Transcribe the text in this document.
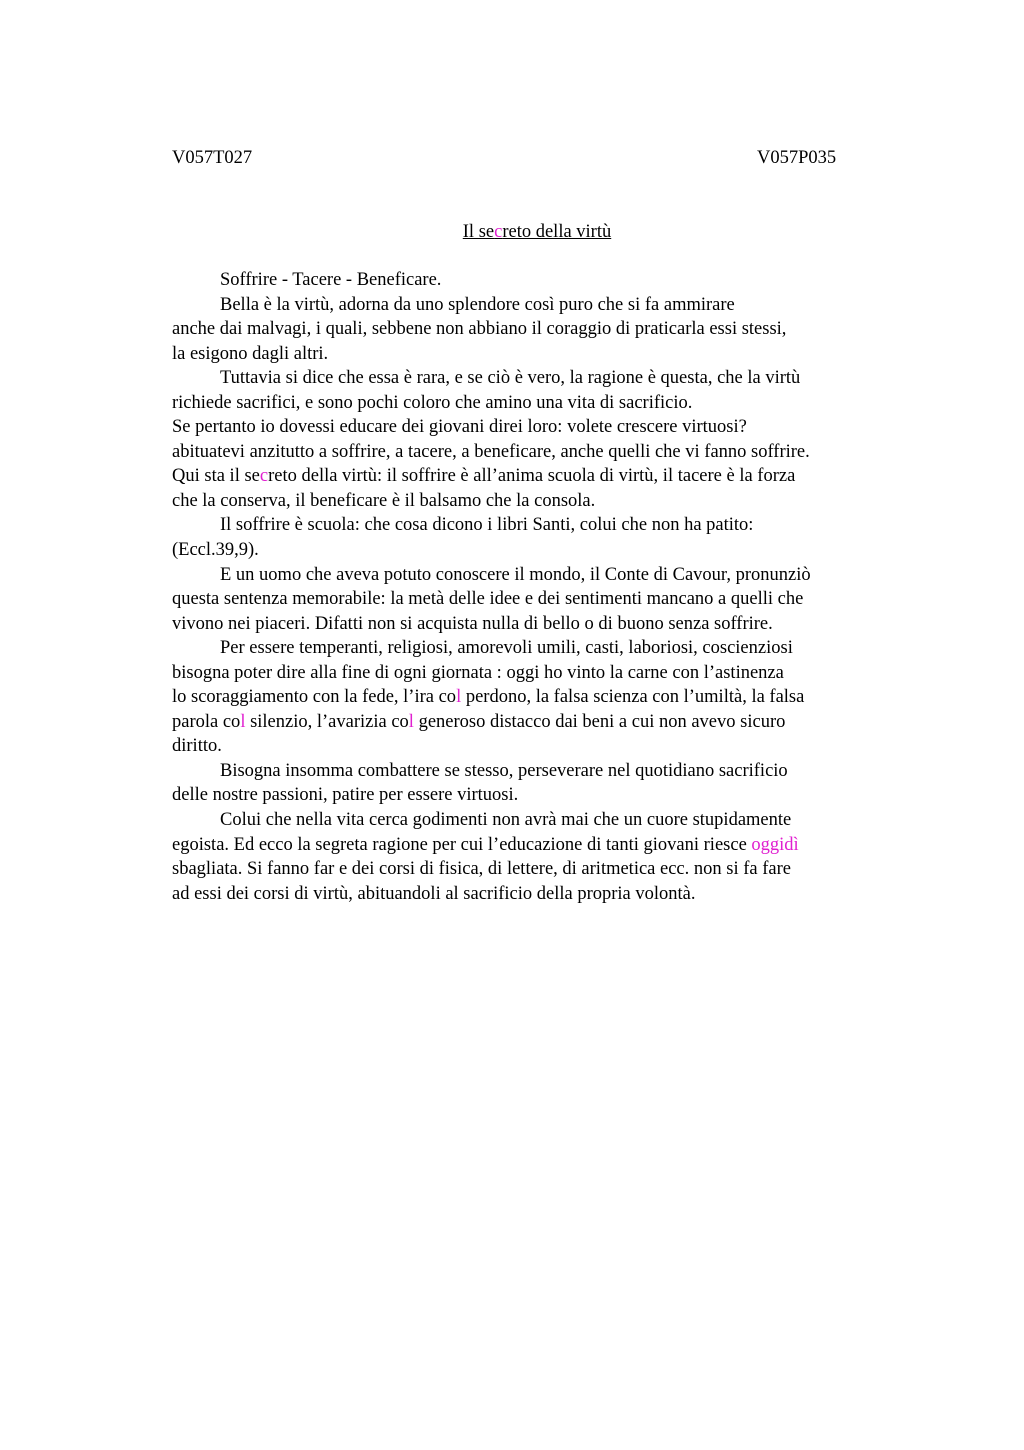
V057T027	V057P035
Il secreto della virtù
Soffrire - Tacere - Beneficare.
Bella è la virtù, adorna da uno splendore così puro che si fa ammirare
anche dai malvagi, i quali, sebbene non abbiano il coraggio di praticarla essi stessi,
la esigono dagli altri.
Tuttavia si dice che essa è rara, e se ciò è vero, la ragione è questa, che la virtù
richiede sacrifici, e sono pochi coloro che amino una vita di sacrificio.
Se pertanto io dovessi educare dei giovani direi loro: volete crescere virtuosi?
abituatevi anzitutto a soffrire, a tacere, a beneficare, anche quelli che vi fanno soffrire.
Qui sta il secreto della virtù: il soffrire è all’anima scuola di virtù, il tacere è la forza
che la conserva, il beneficare è il balsamo che la consola.
Il soffrire è scuola: che cosa dicono i libri Santi, colui che non ha patito:
(Eccl.39,9).
E un uomo che aveva potuto conoscere il mondo, il Conte di Cavour, pronunziò
questa sentenza memorabile: la metà delle idee e dei sentimenti mancano a quelli che
vivono nei piaceri. Difatti non si acquista nulla di bello o di buono senza soffrire.
Per essere temperanti, religiosi, amorevoli umili, casti, laboriosi, coscienziosi
bisogna poter dire alla fine di ogni giornata : oggi ho vinto la carne con l’astinenza
lo scoraggiamento con la fede, l’ira col perdono, la falsa scienza con l’umiltà, la falsa
parola col silenzio, l’avarizia col generoso distacco dai beni a cui non avevo sicuro
diritto.
Bisogna insomma combattere se stesso, perseverare nel quotidiano sacrificio
delle nostre passioni, patire per essere virtuosi.
Colui che nella vita cerca godimenti non avrà mai che un cuore stupidamente
egoista. Ed ecco la segreta ragione per cui l’educazione di tanti giovani riesce oggidì
sbagliata. Si fanno far e dei corsi di fisica, di lettere, di aritmetica ecc. non si fa fare
ad essi dei corsi di virtù, abituandoli al sacrificio della propria volontà.
